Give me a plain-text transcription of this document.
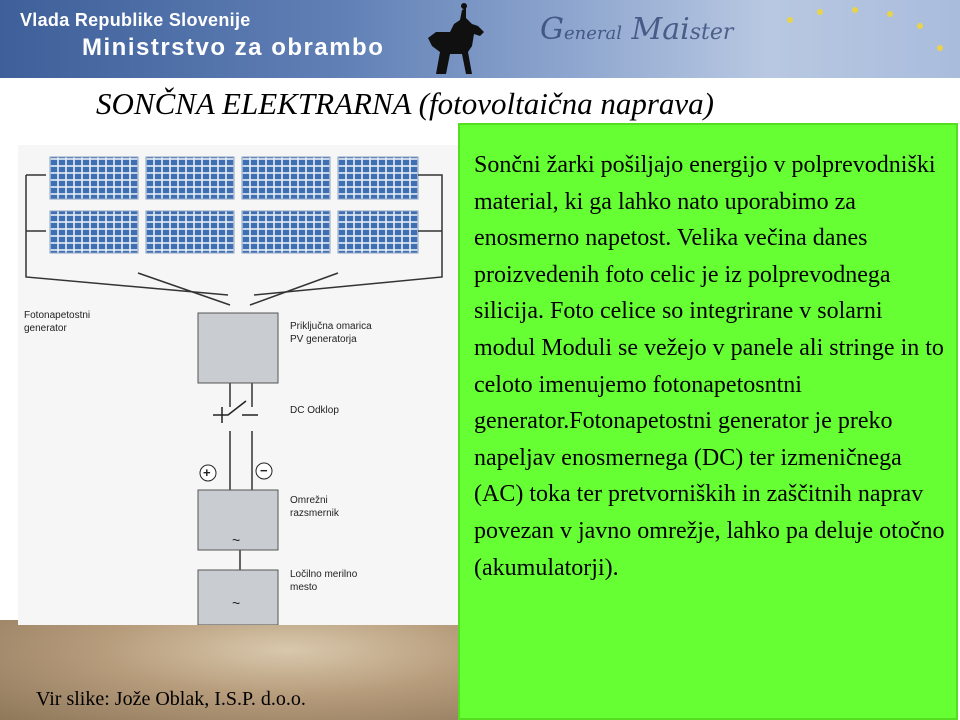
Vlada Republike Slovenije
Ministrstvo za obrambo
General Maister
SONČNA ELEKTRARNA (fotovoltaična naprava)
+	−
~
~
Fotonapetostni
generator	Priključna omarica
PV generatorja
DC Odklop
Omrežni
razsmernik
Ločilno merilno
mesto

Sončni žarki pošiljajo energijo v polprevodniški material, ki ga lahko nato uporabimo za enosmerno napetost. Velika večina danes proizvedenih foto celic je iz polprevodnega silicija. Foto celice so integrirane v solarni modul Moduli se vežejo v panele ali stringe in to celoto imenujemo fotonapetosntni generator.Fotonapetostni generator je preko napeljav enosmernega (DC) ter izmeničnega (AC) toka ter pretvorniških in zaščitnih naprav povezan v javno omrežje, lahko pa deluje otočno (akumulatorji).

Vir slike: Jože Oblak, I.S.P. d.o.o.
